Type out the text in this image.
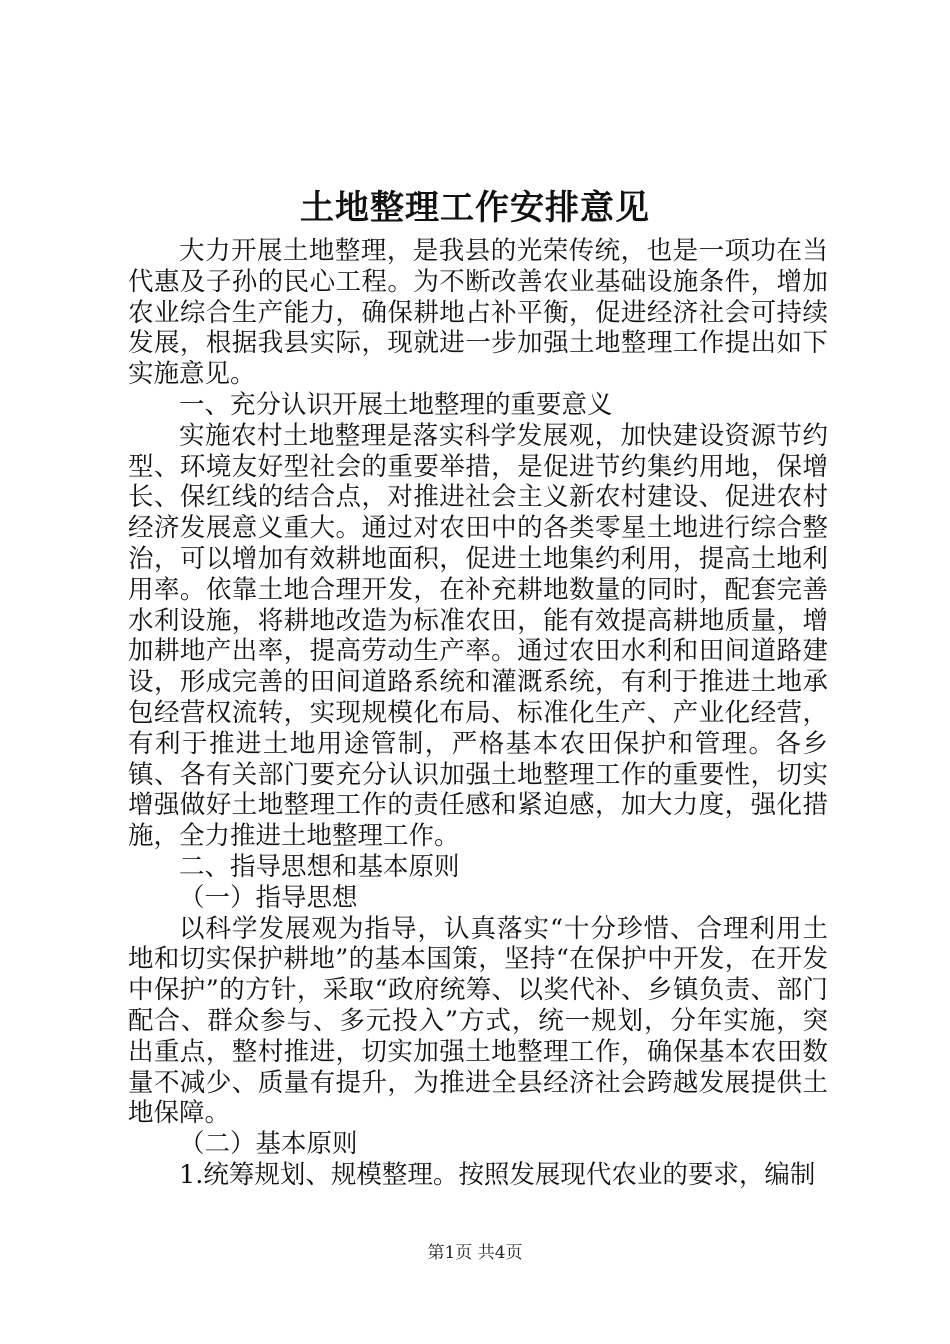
土地整理工作安排意见

大力开展土地整理，是我县的光荣传统，也是一项功在当代惠及子孙的民心工程。为不断改善农业基础设施条件，增加农业综合生产能力，确保耕地占补平衡，促进经济社会可持续发展，根据我县实际，现就进一步加强土地整理工作提出如下实施意见。

一、充分认识开展土地整理的重要意义

实施农村土地整理是落实科学发展观，加快建设资源节约型、环境友好型社会的重要举措，是促进节约集约用地，保增长、保红线的结合点，对推进社会主义新农村建设、促进农村经济发展意义重大。通过对农田中的各类零星土地进行综合整治，可以增加有效耕地面积，促进土地集约利用，提高土地利用率。依靠土地合理开发，在补充耕地数量的同时，配套完善水利设施，将耕地改造为标准农田，能有效提高耕地质量，增加耕地产出率，提高劳动生产率。通过农田水利和田间道路建设，形成完善的田间道路系统和灌溉系统，有利于推进土地承包经营权流转，实现规模化布局、标准化生产、产业化经营，有利于推进土地用途管制，严格基本农田保护和管理。各乡镇、各有关部门要充分认识加强土地整理工作的重要性，切实增强做好土地整理工作的责任感和紧迫感，加大力度，强化措施，全力推进土地整理工作。

二、指导思想和基本原则

（一）指导思想

以科学发展观为指导，认真落实“十分珍惜、合理利用土地和切实保护耕地”的基本国策，坚持“在保护中开发，在开发中保护”的方针，采取“政府统筹、以奖代补、乡镇负责、部门配合、群众参与、多元投入”方式，统一规划，分年实施，突出重点，整村推进，切实加强土地整理工作，确保基本农田数量不减少、质量有提升，为推进全县经济社会跨越发展提供土地保障。

（二）基本原则

1.统筹规划、规模整理。按照发展现代农业的要求，编制

第1页 共4页
